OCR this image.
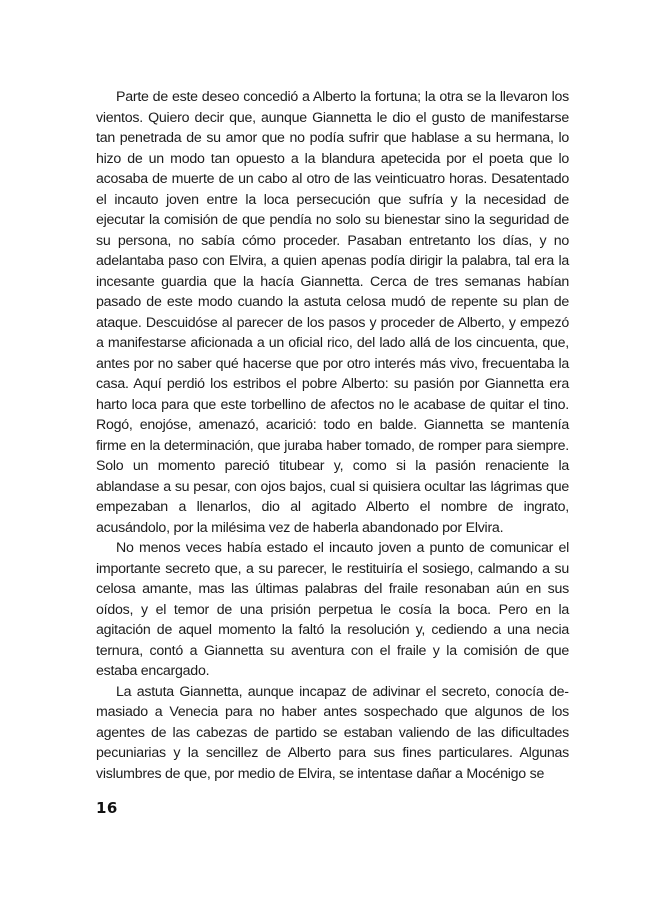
Parte de este deseo concedió a Alberto la fortuna; la otra se la llevaron los vientos. Quiero decir que, aunque Giannetta le dio el gusto de manifestarse tan penetrada de su amor que no podía sufrir que hablase a su hermana, lo hizo de un modo tan opuesto a la blandura apetecida por el poeta que lo acosaba de muerte de un cabo al otro de las veinticuatro horas. Desatentado el incauto joven entre la loca persecución que sufría y la necesidad de ejecutar la comisión de que pendía no solo su bienestar sino la seguridad de su persona, no sabía cómo proceder. Pasaban entretanto los días, y no adelantaba paso con Elvira, a quien apenas podía dirigir la palabra, tal era la incesante guardia que la hacía Giannetta. Cerca de tres semanas habían pasado de este modo cuando la astuta celosa mudó de repente su plan de ataque. Descuidóse al parecer de los pasos y proceder de Alberto, y empezó a manifestarse aficionada a un oficial rico, del lado allá de los cincuenta, que, antes por no saber qué hacerse que por otro interés más vivo, frecuentaba la casa. Aquí perdió los estribos el pobre Alberto: su pasión por Giannetta era harto loca para que este torbellino de afectos no le acabase de quitar el tino. Rogó, enojóse, amenazó, acarició: todo en balde. Giannetta se mantenía firme en la determinación, que juraba haber tomado, de romper para siempre. Solo un momento pareció titubear y, como si la pasión renaciente la ablandase a su pesar, con ojos bajos, cual si quisiera ocultar las lágrimas que empezaban a llenarlos, dio al agitado Alberto el nombre de ingrato, acusándolo, por la milésima vez de haberla abandonado por Elvira.

No menos veces había estado el incauto joven a punto de comunicar el importante secreto que, a su parecer, le restituiría el sosiego, calmando a su celosa amante, mas las últimas palabras del fraile resonaban aún en sus oídos, y el temor de una prisión perpetua le cosía la boca. Pero en la agitación de aquel momento la faltó la resolución y, cediendo a una necia ternura, contó a Giannetta su aventura con el fraile y la comisión de que estaba encargado.

La astuta Giannetta, aunque incapaz de adivinar el secreto, conocía demasiado a Venecia para no haber antes sospechado que algunos de los agentes de las cabezas de partido se estaban valiendo de las dificultades pecuniarias y la sencillez de Alberto para sus fines particulares. Algunas vislumbres de que, por medio de Elvira, se intentase dañar a Mocénigo se

16
